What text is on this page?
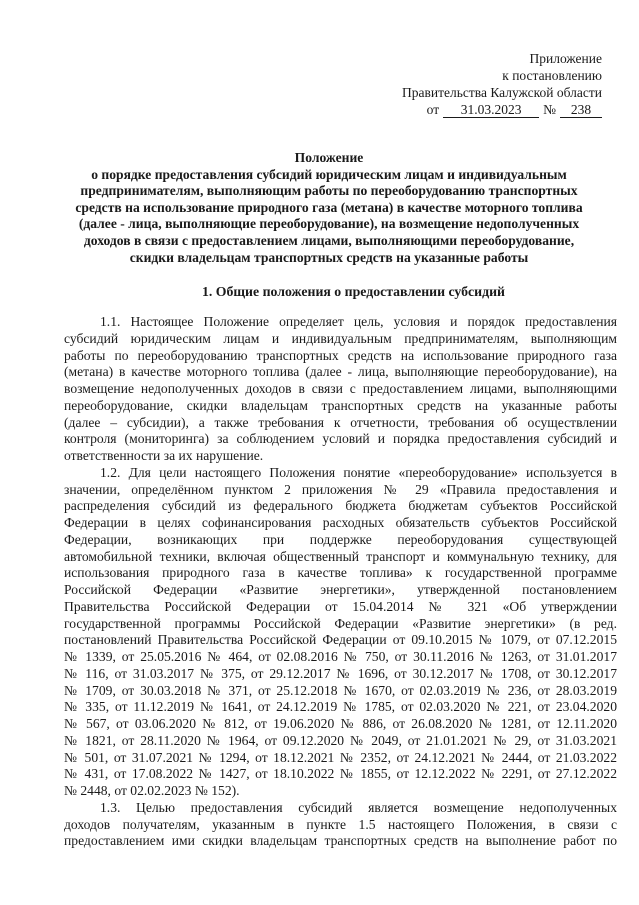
Приложение
к постановлению
Правительства Калужской области
от	31.03.2023	№	238
Положение
о порядке предоставления субсидий юридическим лицам и индивидуальным
предпринимателям, выполняющим работы по переоборудованию транспортных
средств на использование природного газа (метана) в качестве моторного топлива
(далее - лица, выполняющие переоборудование), на возмещение недополученных
доходов в связи с предоставлением лицами, выполняющими переоборудование,
скидки владельцам транспортных средств на указанные работы
1. Общие положения о предоставлении субсидий
1.1. Настоящее Положение определяет цель, условия и порядок предоставления
субсидий юридическим лицам и индивидуальным предпринимателям, выполняющим
работы по переоборудованию транспортных средств на использование природного газа
(метана) в качестве моторного топлива (далее - лица, выполняющие переоборудование), на
возмещение недополученных доходов в связи с предоставлением лицами, выполняющими
переоборудование, скидки владельцам транспортных средств на указанные работы
(далее – субсидии), а также требования к отчетности, требования об осуществлении
контроля (мониторинга) за соблюдением условий и порядка предоставления субсидий и
ответственности за их нарушение.
1.2. Для цели настоящего Положения понятие «переоборудование» используется в
значении, определённом пунктом 2 приложения № 29 «Правила предоставления и
распределения субсидий из федерального бюджета бюджетам субъектов Российской
Федерации в целях софинансирования расходных обязательств субъектов Российской
Федерации, возникающих при поддержке переоборудования существующей
автомобильной техники, включая общественный транспорт и коммунальную технику, для
использования природного газа в качестве топлива» к государственной программе
Российской Федерации «Развитие энергетики», утвержденной постановлением
Правительства Российской Федерации от 15.04.2014 № 321 «Об утверждении
государственной программы Российской Федерации «Развитие энергетики» (в ред.
постановлений Правительства Российской Федерации от 09.10.2015 № 1079, от 07.12.2015
№ 1339, от 25.05.2016 № 464, от 02.08.2016 № 750, от 30.11.2016 № 1263, от 31.01.2017
№ 116, от 31.03.2017 № 375, от 29.12.2017 № 1696, от 30.12.2017 № 1708, от 30.12.2017
№ 1709, от 30.03.2018 № 371, от 25.12.2018 № 1670, от 02.03.2019 № 236, от 28.03.2019
№ 335, от 11.12.2019 № 1641, от 24.12.2019 № 1785, от 02.03.2020 № 221, от 23.04.2020
№ 567, от 03.06.2020 № 812, от 19.06.2020 № 886, от 26.08.2020 № 1281, от 12.11.2020
№ 1821, от 28.11.2020 № 1964, от 09.12.2020 № 2049, от 21.01.2021 № 29, от 31.03.2021
№ 501, от 31.07.2021 № 1294, от 18.12.2021 № 2352, от 24.12.2021 № 2444, от 21.03.2022
№ 431, от 17.08.2022 № 1427, от 18.10.2022 № 1855, от 12.12.2022 № 2291, от 27.12.2022
№ 2448, от 02.02.2023 № 152).
1.3. Целью предоставления субсидий является возмещение недополученных
доходов получателям, указанным в пункте 1.5 настоящего Положения, в связи с
предоставлением ими скидки владельцам транспортных средств на выполнение работ по
